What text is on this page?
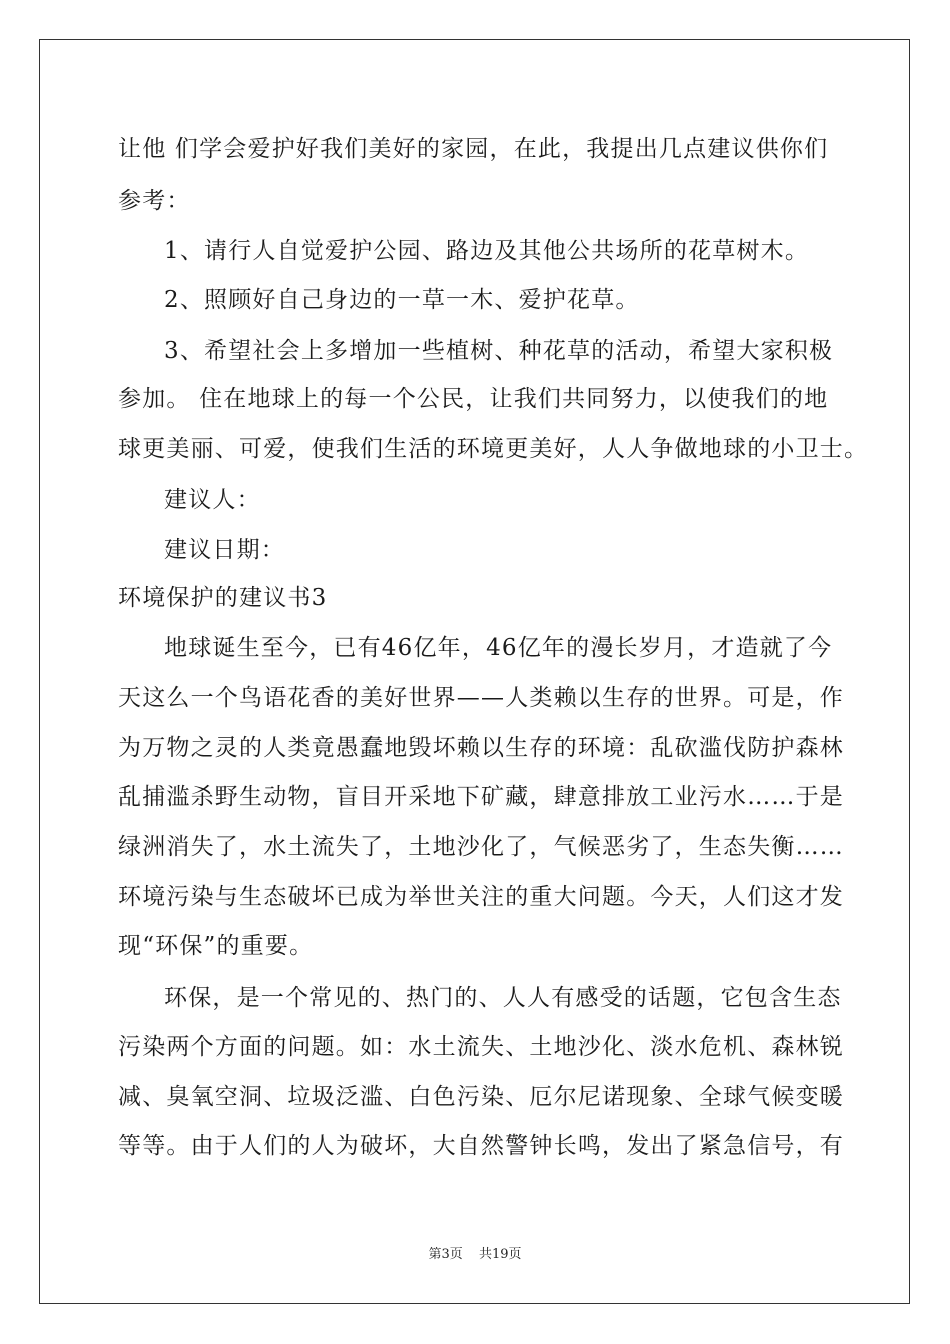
让他 们学会爱护好我们美好的家园，在此，我提出几点建议供你们
参考：
1、请行人自觉爱护公园、路边及其他公共场所的花草树木。
2、照顾好自己身边的一草一木、爱护花草。
3、希望社会上多增加一些植树、种花草的活动，希望大家积极
参加。 住在地球上的每一个公民，让我们共同努力，以使我们的地
球更美丽、可爱，使我们生活的环境更美好，人人争做地球的小卫士。
建议人：
建议日期：
环境保护的建议书3
地球诞生至今，已有46亿年，46亿年的漫长岁月，才造就了今
天这么一个鸟语花香的美好世界——人类赖以生存的世界。可是，作
为万物之灵的人类竟愚蠢地毁坏赖以生存的环境：乱砍滥伐防护森林
乱捕滥杀野生动物，盲目开采地下矿藏，肆意排放工业污水……于是
绿洲消失了，水土流失了，土地沙化了，气候恶劣了，生态失衡……
环境污染与生态破坏已成为举世关注的重大问题。今天，人们这才发
现“环保”的重要。
环保，是一个常见的、热门的、人人有感受的话题，它包含生态
污染两个方面的问题。如：水土流失、土地沙化、淡水危机、森林锐
减、臭氧空洞、垃圾泛滥、白色污染、厄尔尼诺现象、全球气候变暖
等等。由于人们的人为破坏，大自然警钟长鸣，发出了紧急信号，有
第3页 共19页
